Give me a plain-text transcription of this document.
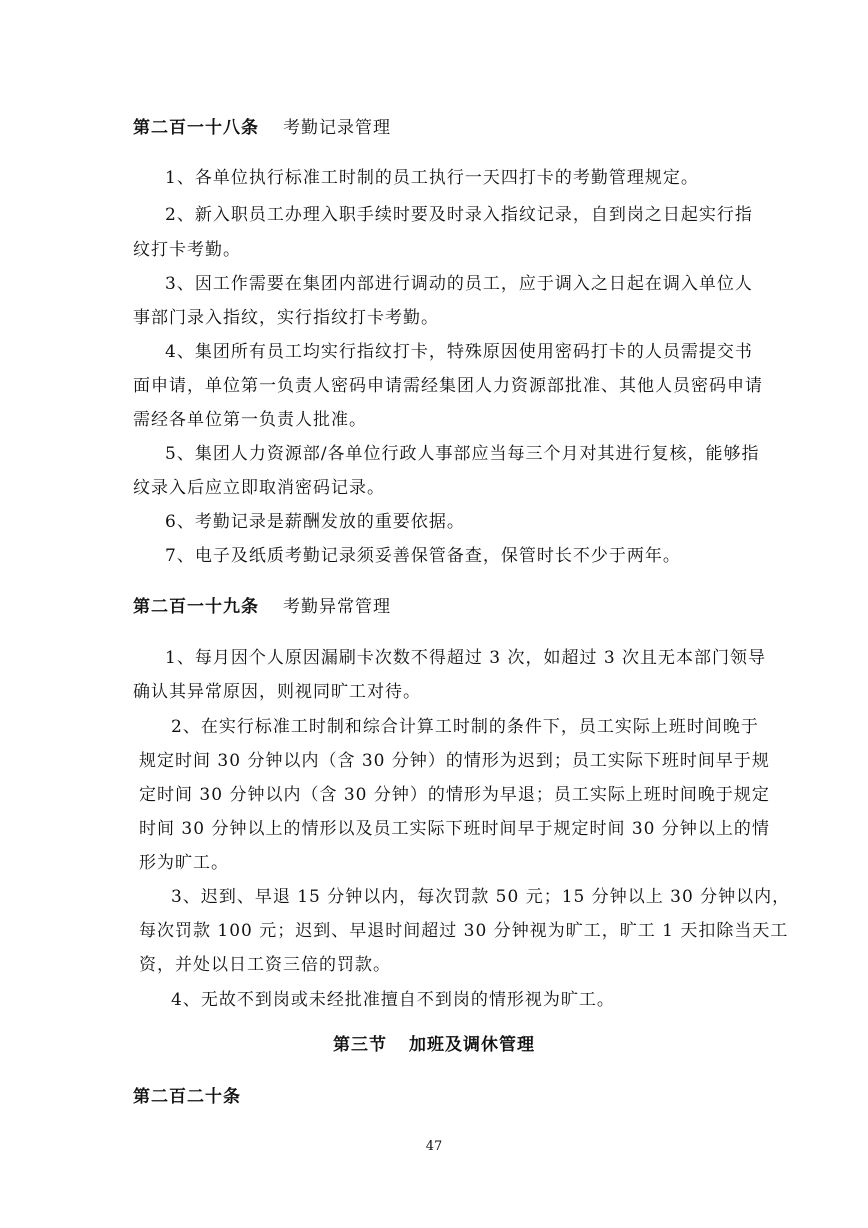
第二百一十八条 考勤记录管理
1、各单位执行标准工时制的员工执行一天四打卡的考勤管理规定。
2、新入职员工办理入职手续时要及时录入指纹记录，自到岗之日起实行指
纹打卡考勤。
3、因工作需要在集团内部进行调动的员工，应于调入之日起在调入单位人
事部门录入指纹，实行指纹打卡考勤。
4、集团所有员工均实行指纹打卡，特殊原因使用密码打卡的人员需提交书
面申请，单位第一负责人密码申请需经集团人力资源部批准、其他人员密码申请
需经各单位第一负责人批准。
5、集团人力资源部/各单位行政人事部应当每三个月对其进行复核，能够指
纹录入后应立即取消密码记录。
6、考勤记录是薪酬发放的重要依据。
7、电子及纸质考勤记录须妥善保管备查，保管时长不少于两年。
第二百一十九条 考勤异常管理
1、每月因个人原因漏刷卡次数不得超过 3 次，如超过 3 次且无本部门领导
确认其异常原因，则视同旷工对待。
2、在实行标准工时制和综合计算工时制的条件下，员工实际上班时间晚于
规定时间 30 分钟以内（含 30 分钟）的情形为迟到；员工实际下班时间早于规
定时间 30 分钟以内（含 30 分钟）的情形为早退；员工实际上班时间晚于规定
时间 30 分钟以上的情形以及员工实际下班时间早于规定时间 30 分钟以上的情
形为旷工。
3、迟到、早退 15 分钟以内，每次罚款 50 元；15 分钟以上 30 分钟以内，
每次罚款 100 元；迟到、早退时间超过 30 分钟视为旷工，旷工 1 天扣除当天工
资，并处以日工资三倍的罚款。
4、无故不到岗或未经批准擅自不到岗的情形视为旷工。
第三节 加班及调休管理
第二百二十条
47
